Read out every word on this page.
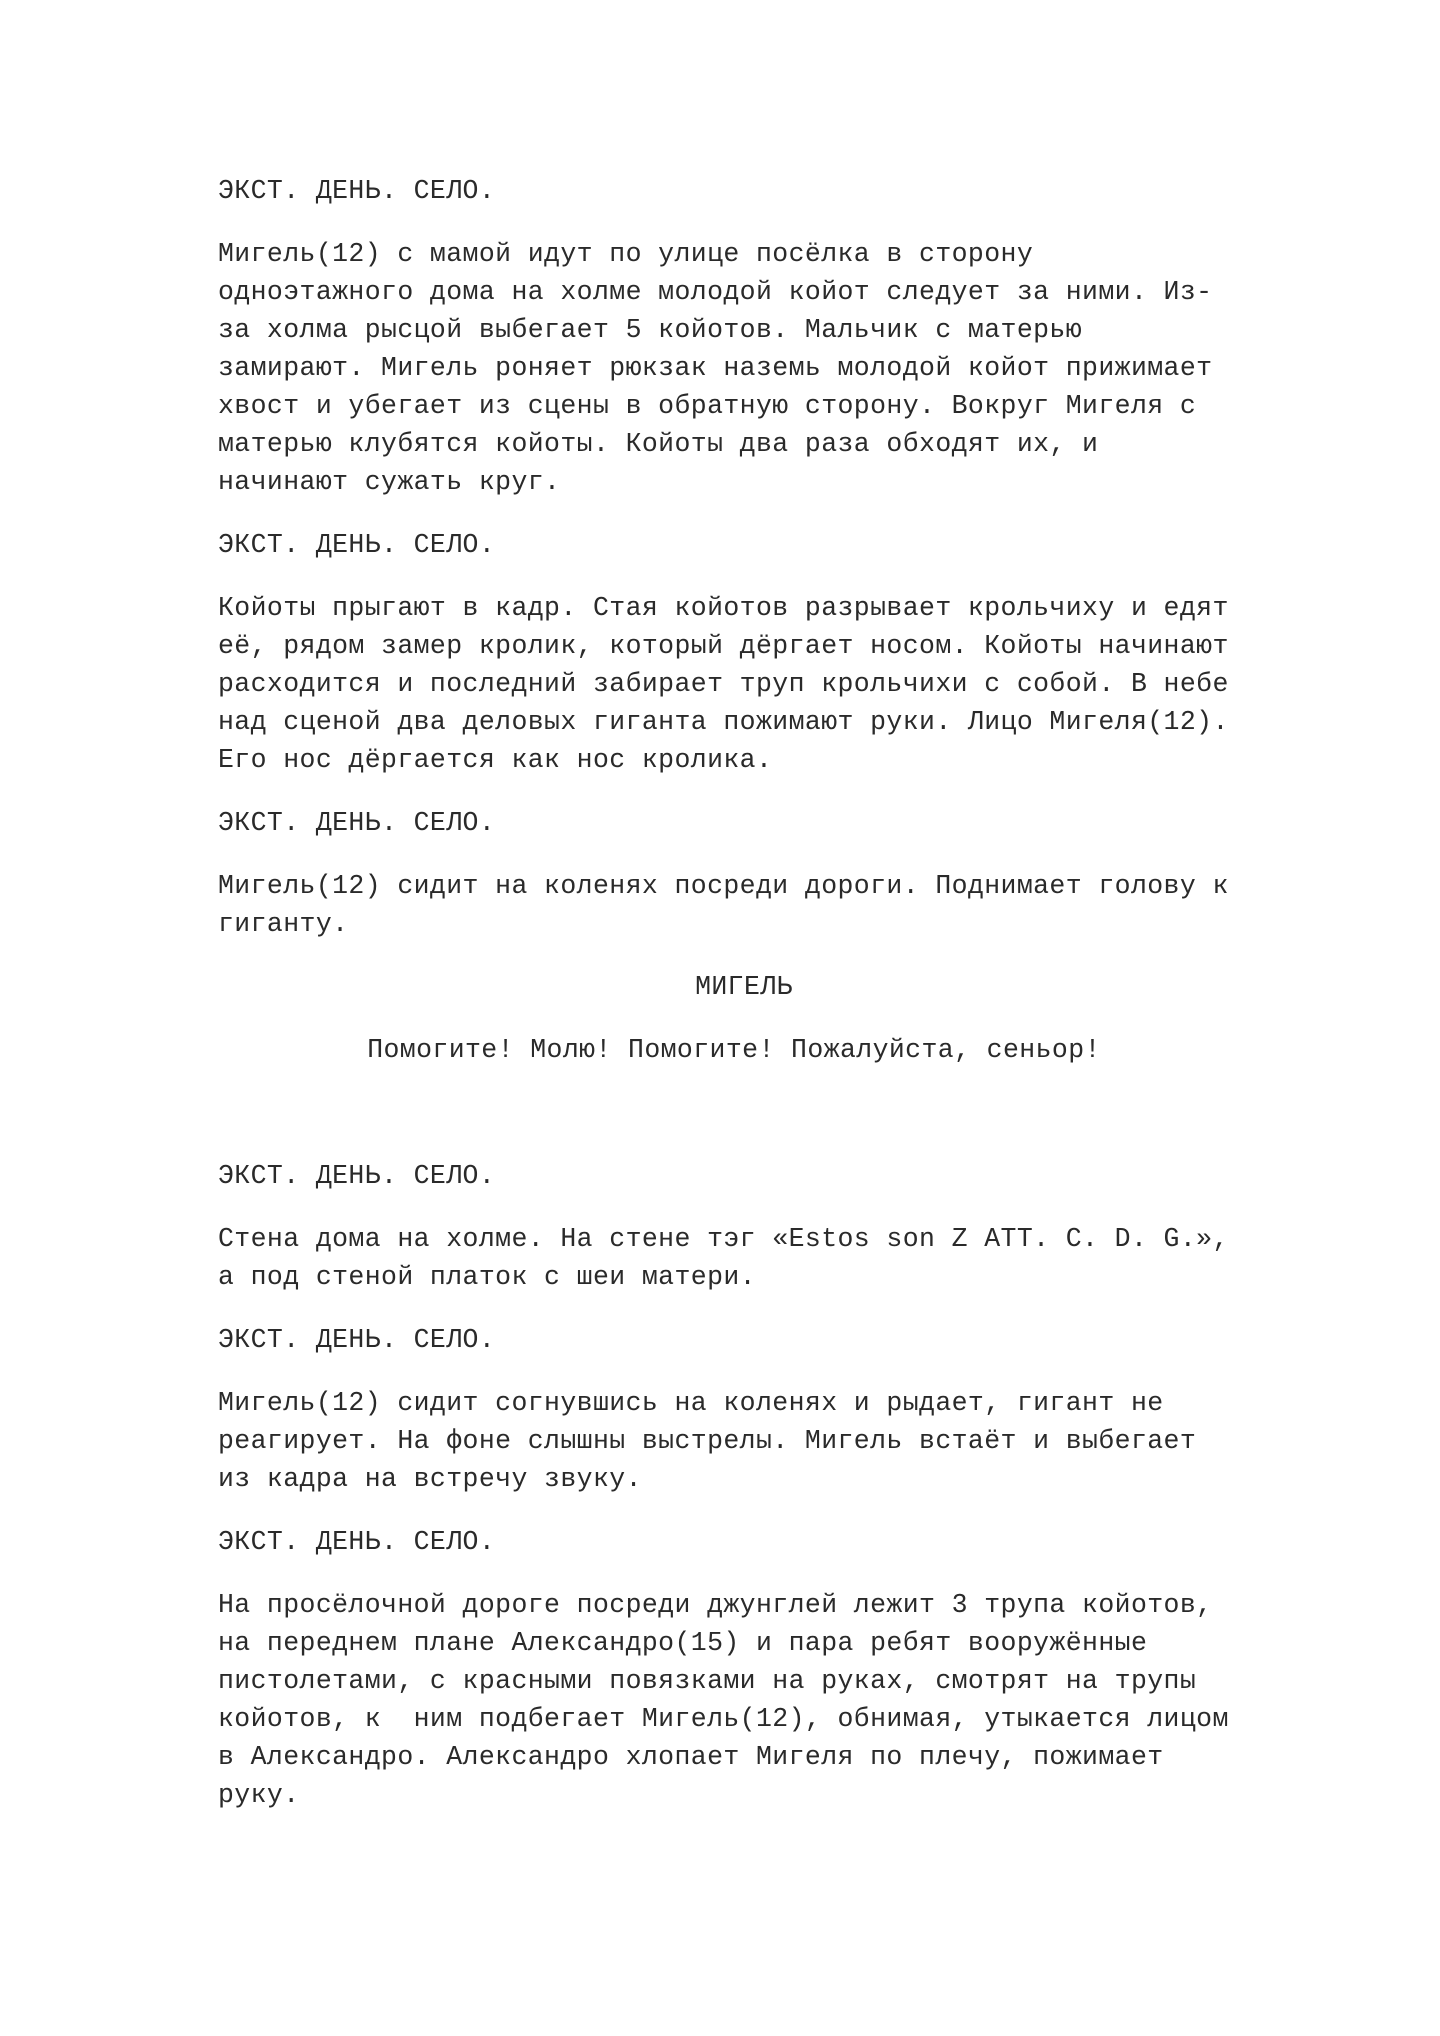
ЭКСТ. ДЕНЬ. СЕЛО.

Мигель(12) с мамой идут по улице посёлка в сторону одноэтажного дома на холме молодой койот следует за ними. Из-за холма рысцой выбегает 5 койотов. Мальчик с матерью замирают. Мигель роняет рюкзак наземь молодой койот прижимает хвост и убегает из сцены в обратную сторону. Вокруг Мигеля с матерью клубятся койоты. Койоты два раза обходят их, и начинают сужать круг.

ЭКСТ. ДЕНЬ. СЕЛО.

Койоты прыгают в кадр. Стая койотов разрывает крольчиху и едят её, рядом замер кролик, который дёргает носом. Койоты начинают расходится и последний забирает труп крольчихи с собой. В небе над сценой два деловых гиганта пожимают руки. Лицо Мигеля(12). Его нос дёргается как нос кролика.

ЭКСТ. ДЕНЬ. СЕЛО.

Мигель(12) сидит на коленях посреди дороги. Поднимает голову к гиганту.

МИГЕЛЬ

Помогите! Молю! Помогите! Пожалуйста, сеньор!

ЭКСТ. ДЕНЬ. СЕЛО.

Стена дома на холме. На стене тэг «Estos son Z ATT. C. D. G.», а под стеной платок с шеи матери.

ЭКСТ. ДЕНЬ. СЕЛО.

Мигель(12) сидит согнувшись на коленях и рыдает, гигант не реагирует. На фоне слышны выстрелы. Мигель встаёт и выбегает из кадра на встречу звуку.

ЭКСТ. ДЕНЬ. СЕЛО.

На просёлочной дороге посреди джунглей лежит 3 трупа койотов, на переднем плане Александро(15) и пара ребят вооружённые пистолетами, с красными повязками на руках, смотрят на трупы койотов, к  ним подбегает Мигель(12), обнимая, утыкается лицом в Александро. Александро хлопает Мигеля по плечу, пожимает руку.
